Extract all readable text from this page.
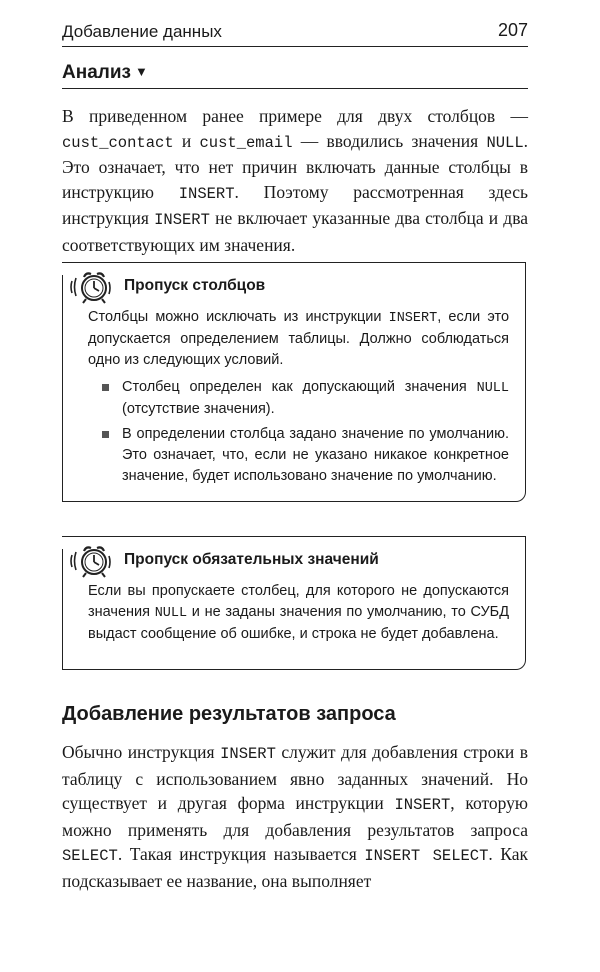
Добавление данных	207
Анализ ▼
В приведенном ранее примере для двух столбцов — cust_contact и cust_email — вводились значения NULL. Это означает, что нет причин включать данные столбцы в инструкцию INSERT. Поэтому рассмотренная здесь инструкция INSERT не включает указанные два столбца и два соответствующих им значения.
Пропуск столбцов
Столбцы можно исключать из инструкции INSERT, если это допускается определением таблицы. Должно соблюдаться одно из следующих условий.
Столбец определен как допускающий значения NULL (отсутствие значения).
В определении столбца задано значение по умолчанию. Это означает, что, если не указано никакое конкретное значение, будет использовано значение по умолчанию.
Пропуск обязательных значений
Если вы пропускаете столбец, для которого не допускаются значения NULL и не заданы значения по умолчанию, то СУБД выдаст сообщение об ошибке, и строка не будет добавлена.
Добавление результатов запроса
Обычно инструкция INSERT служит для добавления строки в таблицу с использованием явно заданных значений. Но существует и другая форма инструкции INSERT, которую можно применять для добавления результатов запроса SELECT. Такая инструкция называется INSERT SELECT. Как подсказывает ее название, она выполняет
